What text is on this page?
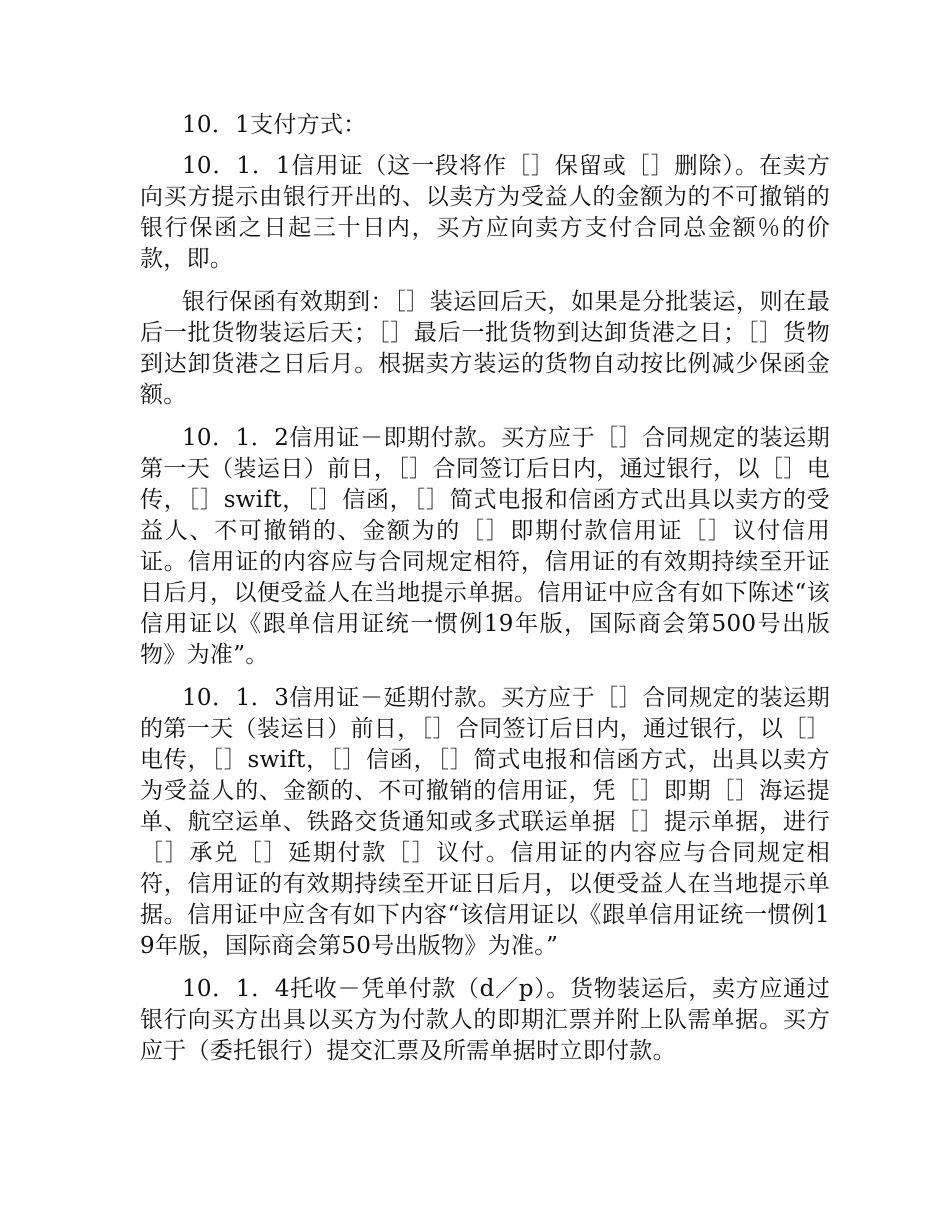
10．1支付方式：

10．1．1信用证（这一段将作［］保留或［］删除）。在卖方向买方提示由银行开出的、以卖方为受益人的金额为的不可撤销的银行保函之日起三十日内，买方应向卖方支付合同总金额％的价款，即。

银行保函有效期到：［］装运回后天，如果是分批装运，则在最后一批货物装运后天；［］最后一批货物到达卸货港之日；［］货物到达卸货港之日后月。根据卖方装运的货物自动按比例减少保函金额。

10．1．2信用证－即期付款。买方应于［］合同规定的装运期第一天（装运日）前日，［］合同签订后日内，通过银行，以［］电传，［］swift，［］信函，［］简式电报和信函方式出具以卖方的受益人、不可撤销的、金额为的［］即期付款信用证［］议付信用证。信用证的内容应与合同规定相符，信用证的有效期持续至开证日后月，以便受益人在当地提示单据。信用证中应含有如下陈述“该信用证以《跟单信用证统一惯例19年版，国际商会第500号出版物》为准”。

10．1．3信用证－延期付款。买方应于［］合同规定的装运期的第一天（装运日）前日，［］合同签订后日内，通过银行，以［］电传，［］swift，［］信函，［］简式电报和信函方式，出具以卖方为受益人的、金额的、不可撤销的信用证，凭［］即期［］海运提单、航空运单、铁路交货通知或多式联运单据［］提示单据，进行［］承兑［］延期付款［］议付。信用证的内容应与合同规定相符，信用证的有效期持续至开证日后月，以便受益人在当地提示单据。信用证中应含有如下内容“该信用证以《跟单信用证统一惯例19年版，国际商会第50号出版物》为准。”

10．1．4托收－凭单付款（d／p）。货物装运后，卖方应通过银行向买方出具以买方为付款人的即期汇票并附上队需单据。买方应于（委托银行）提交汇票及所需单据时立即付款。
